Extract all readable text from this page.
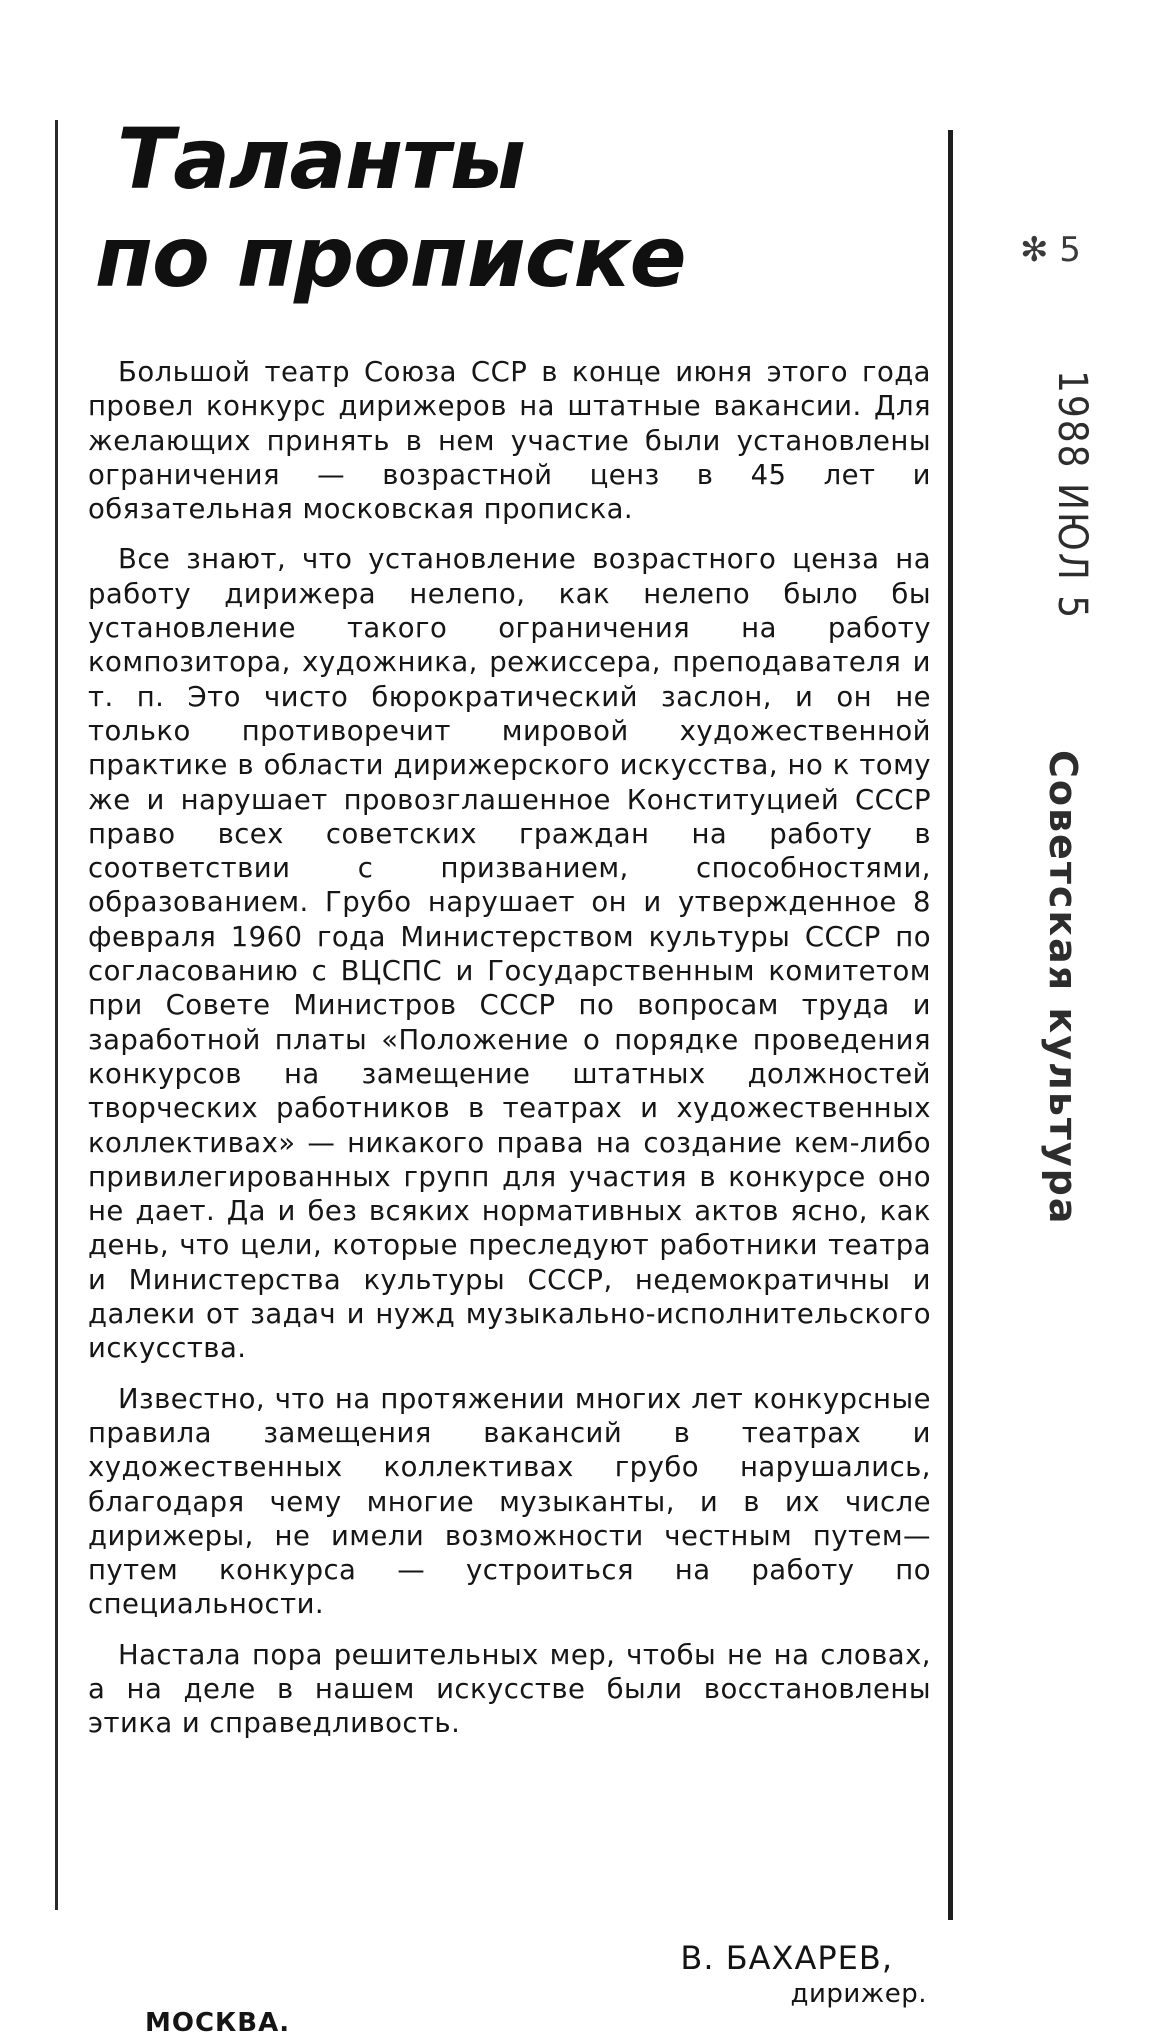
Таланты
по прописке

Большой театр Союза ССР в конце июня этого года провел конкурс дирижеров на штатные вакансии. Для желающих принять в нем участие были установлены ограничения — возрастной ценз в 45 лет и обязательная московская прописка.

Все знают, что установление возрастного ценза на работу дирижера нелепо, как нелепо было бы установление такого ограничения на работу композитора, художника, режиссера, преподавателя и т. п. Это чисто бюрократический заслон, и он не только противоречит мировой художественной практике в области дирижерского искусства, но к тому же и нарушает провозглашенное Конституцией СССР право всех советских граждан на работу в соответствии с призванием, способностями, образованием. Грубо нарушает он и утвержденное 8 февраля 1960 года Министерством культуры СССР по согласованию с ВЦСПС и Государственным комитетом при Совете Министров СССР по вопросам труда и заработной платы «Положение о порядке проведения конкурсов на замещение штатных должностей творческих работников в театрах и художественных коллективах» — никакого права на создание кем-либо привилегированных групп для участия в конкурсе оно не дает. Да и без всяких нормативных актов ясно, как день, что цели, которые преследуют работники театра и Министерства культуры СССР, недемократичны и далеки от задач и нужд музыкально-исполнительского искусства.

Известно, что на протяжении многих лет конкурсные правила замещения вакансий в театрах и художественных коллективах грубо нарушались, благодаря чему многие музыканты, и в их числе дирижеры, не имели возможности честным путем—путем конкурса — устроиться на работу по специальности.

Настала пора решительных мер, чтобы не на словах, а на деле в нашем искусстве были восстановлены этика и справедливость.

В. БАХАРЕВ,
дирижер.
МОСКВА.
✻ 5
1988 ИЮЛ 5
Советская культура
